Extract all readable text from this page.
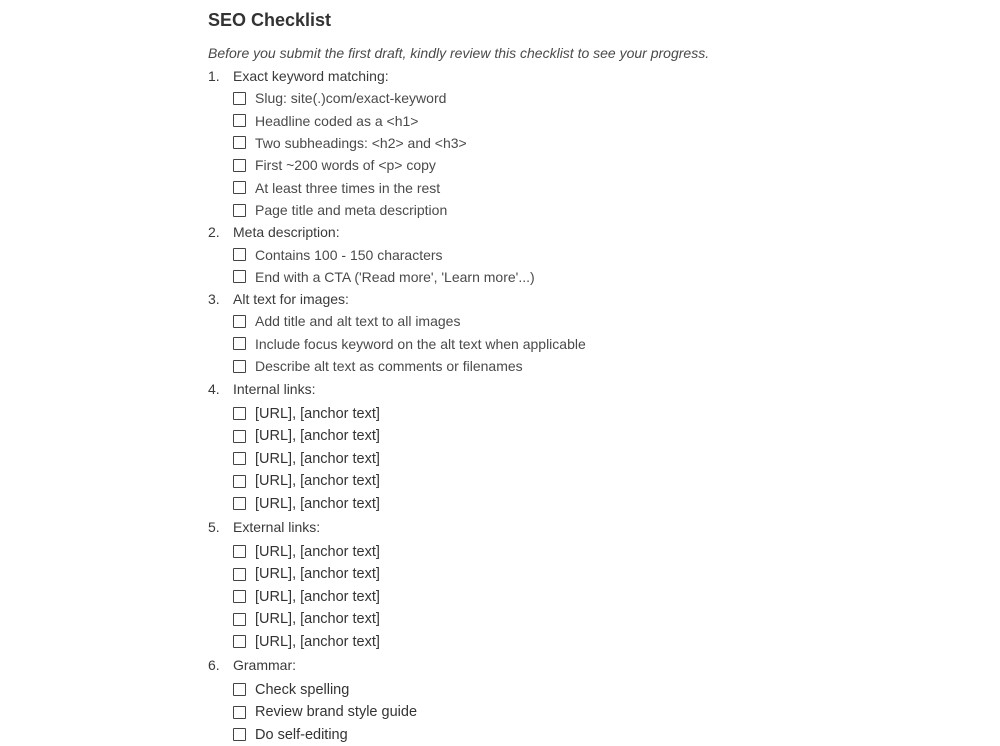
SEO Checklist
Before you submit the first draft, kindly review this checklist to see your progress.
1. Exact keyword matching:
Slug: site(.)com/exact-keyword
Headline coded as a <h1>
Two subheadings: <h2> and <h3>
First ~200 words of <p> copy
At least three times in the rest
Page title and meta description
2. Meta description:
Contains 100 - 150 characters
End with a CTA ('Read more', 'Learn more'...)
3. Alt text for images:
Add title and alt text to all images
Include focus keyword on the alt text when applicable
Describe alt text as comments or filenames
4. Internal links:
[URL], [anchor text]
[URL], [anchor text]
[URL], [anchor text]
[URL], [anchor text]
[URL], [anchor text]
5. External links:
[URL], [anchor text]
[URL], [anchor text]
[URL], [anchor text]
[URL], [anchor text]
[URL], [anchor text]
6. Grammar:
Check spelling
Review brand style guide
Do self-editing
